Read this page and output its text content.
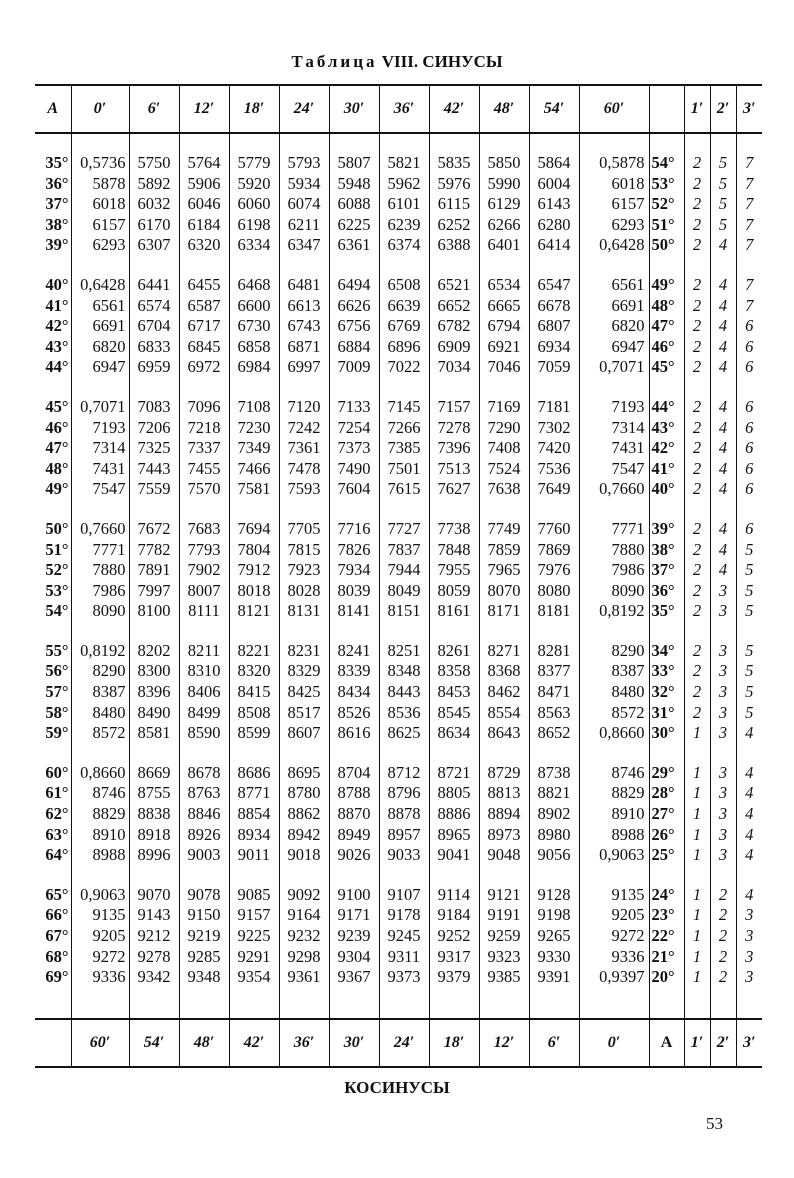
Таблица VIII. СИНУСЫ
A	0′	6′	12′	18′	24′	30′	36′	42′	48′	54′	60′		1′	2′	3′

35°	0,5736	5750	5764	5779	5793	5807	5821	5835	5850	5864	0,5878	54°	2	5	7
36°	5878	5892	5906	5920	5934	5948	5962	5976	5990	6004	6018	53°	2	5	7
37°	6018	6032	6046	6060	6074	6088	6101	6115	6129	6143	6157	52°	2	5	7
38°	6157	6170	6184	6198	6211	6225	6239	6252	6266	6280	6293	51°	2	5	7
39°	6293	6307	6320	6334	6347	6361	6374	6388	6401	6414	0,6428	50°	2	4	7

40°	0,6428	6441	6455	6468	6481	6494	6508	6521	6534	6547	6561	49°	2	4	7
41°	6561	6574	6587	6600	6613	6626	6639	6652	6665	6678	6691	48°	2	4	7
42°	6691	6704	6717	6730	6743	6756	6769	6782	6794	6807	6820	47°	2	4	6
43°	6820	6833	6845	6858	6871	6884	6896	6909	6921	6934	6947	46°	2	4	6
44°	6947	6959	6972	6984	6997	7009	7022	7034	7046	7059	0,7071	45°	2	4	6

45°	0,7071	7083	7096	7108	7120	7133	7145	7157	7169	7181	7193	44°	2	4	6
46°	7193	7206	7218	7230	7242	7254	7266	7278	7290	7302	7314	43°	2	4	6
47°	7314	7325	7337	7349	7361	7373	7385	7396	7408	7420	7431	42°	2	4	6
48°	7431	7443	7455	7466	7478	7490	7501	7513	7524	7536	7547	41°	2	4	6
49°	7547	7559	7570	7581	7593	7604	7615	7627	7638	7649	0,7660	40°	2	4	6

50°	0,7660	7672	7683	7694	7705	7716	7727	7738	7749	7760	7771	39°	2	4	6
51°	7771	7782	7793	7804	7815	7826	7837	7848	7859	7869	7880	38°	2	4	5
52°	7880	7891	7902	7912	7923	7934	7944	7955	7965	7976	7986	37°	2	4	5
53°	7986	7997	8007	8018	8028	8039	8049	8059	8070	8080	8090	36°	2	3	5
54°	8090	8100	8111	8121	8131	8141	8151	8161	8171	8181	0,8192	35°	2	3	5

55°	0,8192	8202	8211	8221	8231	8241	8251	8261	8271	8281	8290	34°	2	3	5
56°	8290	8300	8310	8320	8329	8339	8348	8358	8368	8377	8387	33°	2	3	5
57°	8387	8396	8406	8415	8425	8434	8443	8453	8462	8471	8480	32°	2	3	5
58°	8480	8490	8499	8508	8517	8526	8536	8545	8554	8563	8572	31°	2	3	5
59°	8572	8581	8590	8599	8607	8616	8625	8634	8643	8652	0,8660	30°	1	3	4

60°	0,8660	8669	8678	8686	8695	8704	8712	8721	8729	8738	8746	29°	1	3	4
61°	8746	8755	8763	8771	8780	8788	8796	8805	8813	8821	8829	28°	1	3	4
62°	8829	8838	8846	8854	8862	8870	8878	8886	8894	8902	8910	27°	1	3	4
63°	8910	8918	8926	8934	8942	8949	8957	8965	8973	8980	8988	26°	1	3	4
64°	8988	8996	9003	9011	9018	9026	9033	9041	9048	9056	0,9063	25°	1	3	4

65°	0,9063	9070	9078	9085	9092	9100	9107	9114	9121	9128	9135	24°	1	2	4
66°	9135	9143	9150	9157	9164	9171	9178	9184	9191	9198	9205	23°	1	2	3
67°	9205	9212	9219	9225	9232	9239	9245	9252	9259	9265	9272	22°	1	2	3
68°	9272	9278	9285	9291	9298	9304	9311	9317	9323	9330	9336	21°	1	2	3
69°	9336	9342	9348	9354	9361	9367	9373	9379	9385	9391	0,9397	20°	1	2	3

	60′	54′	48′	42′	36′	30′	24′	18′	12′	6′	0′	A	1′	2′	3′
КОСИНУСЫ
53
